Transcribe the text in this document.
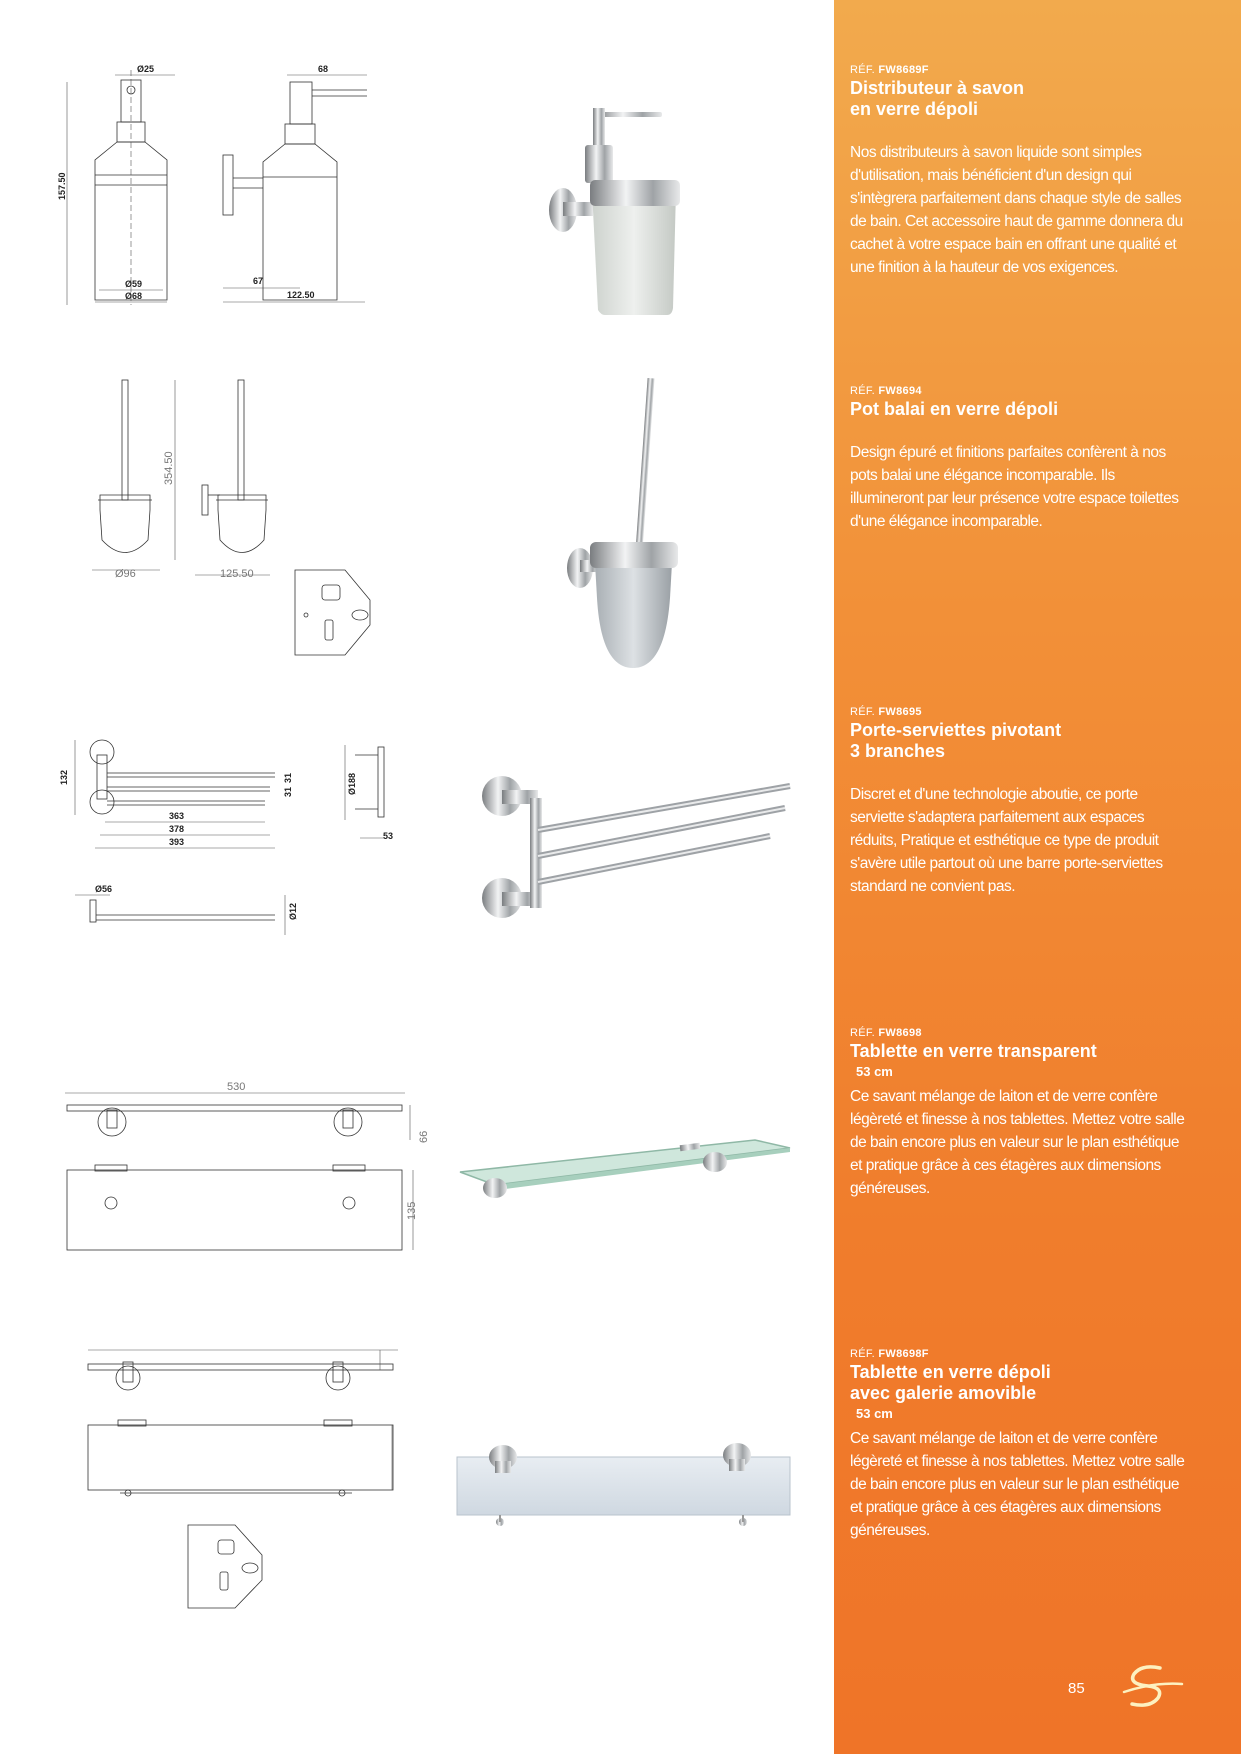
Ø25
157.50
Ø59
Ø68
68
67
122.50
354.50
Ø96	125.50
132	31
31
363
378
393
Ø188
53
Ø56
Ø12
530
66
135
RÉF. FW8689F
Distributeur à savon
en verre dépoli
Nos distributeurs à savon liquide sont simples d'utilisation, mais bénéficient d'un design qui s'intègrera parfaitement dans chaque style de salles de bain. Cet accessoire haut de gamme donnera du cachet à votre espace bain en offrant une qualité et une finition à la hauteur de vos exigences.
RÉF. FW8694
Pot balai en verre dépoli
Design épuré et finitions parfaites confèrent à nos pots balai une élégance incomparable. Ils illumineront par leur présence votre espace toilettes d'une élégance incomparable.
RÉF. FW8695
Porte-serviettes pivotant
3 branches
Discret et d'une technologie aboutie, ce porte serviette s'adaptera parfaitement aux espaces réduits, Pratique et esthétique ce type de produit s'avère utile partout où une barre porte-serviettes standard ne convient pas.
RÉF. FW8698
Tablette en verre transparent
53 cm
Ce savant mélange de laiton et de verre confère légèreté et finesse à nos tablettes. Mettez votre salle de bain encore plus en valeur sur le plan esthétique et pratique grâce à ces étagères aux dimensions généreuses.
RÉF. FW8698F
Tablette en verre dépoli
avec galerie amovible
53 cm
Ce savant mélange de laiton et de verre confère légèreté et finesse à nos tablettes. Mettez votre salle de bain encore plus en valeur sur le plan esthétique et pratique grâce à ces étagères aux dimensions généreuses.
85
